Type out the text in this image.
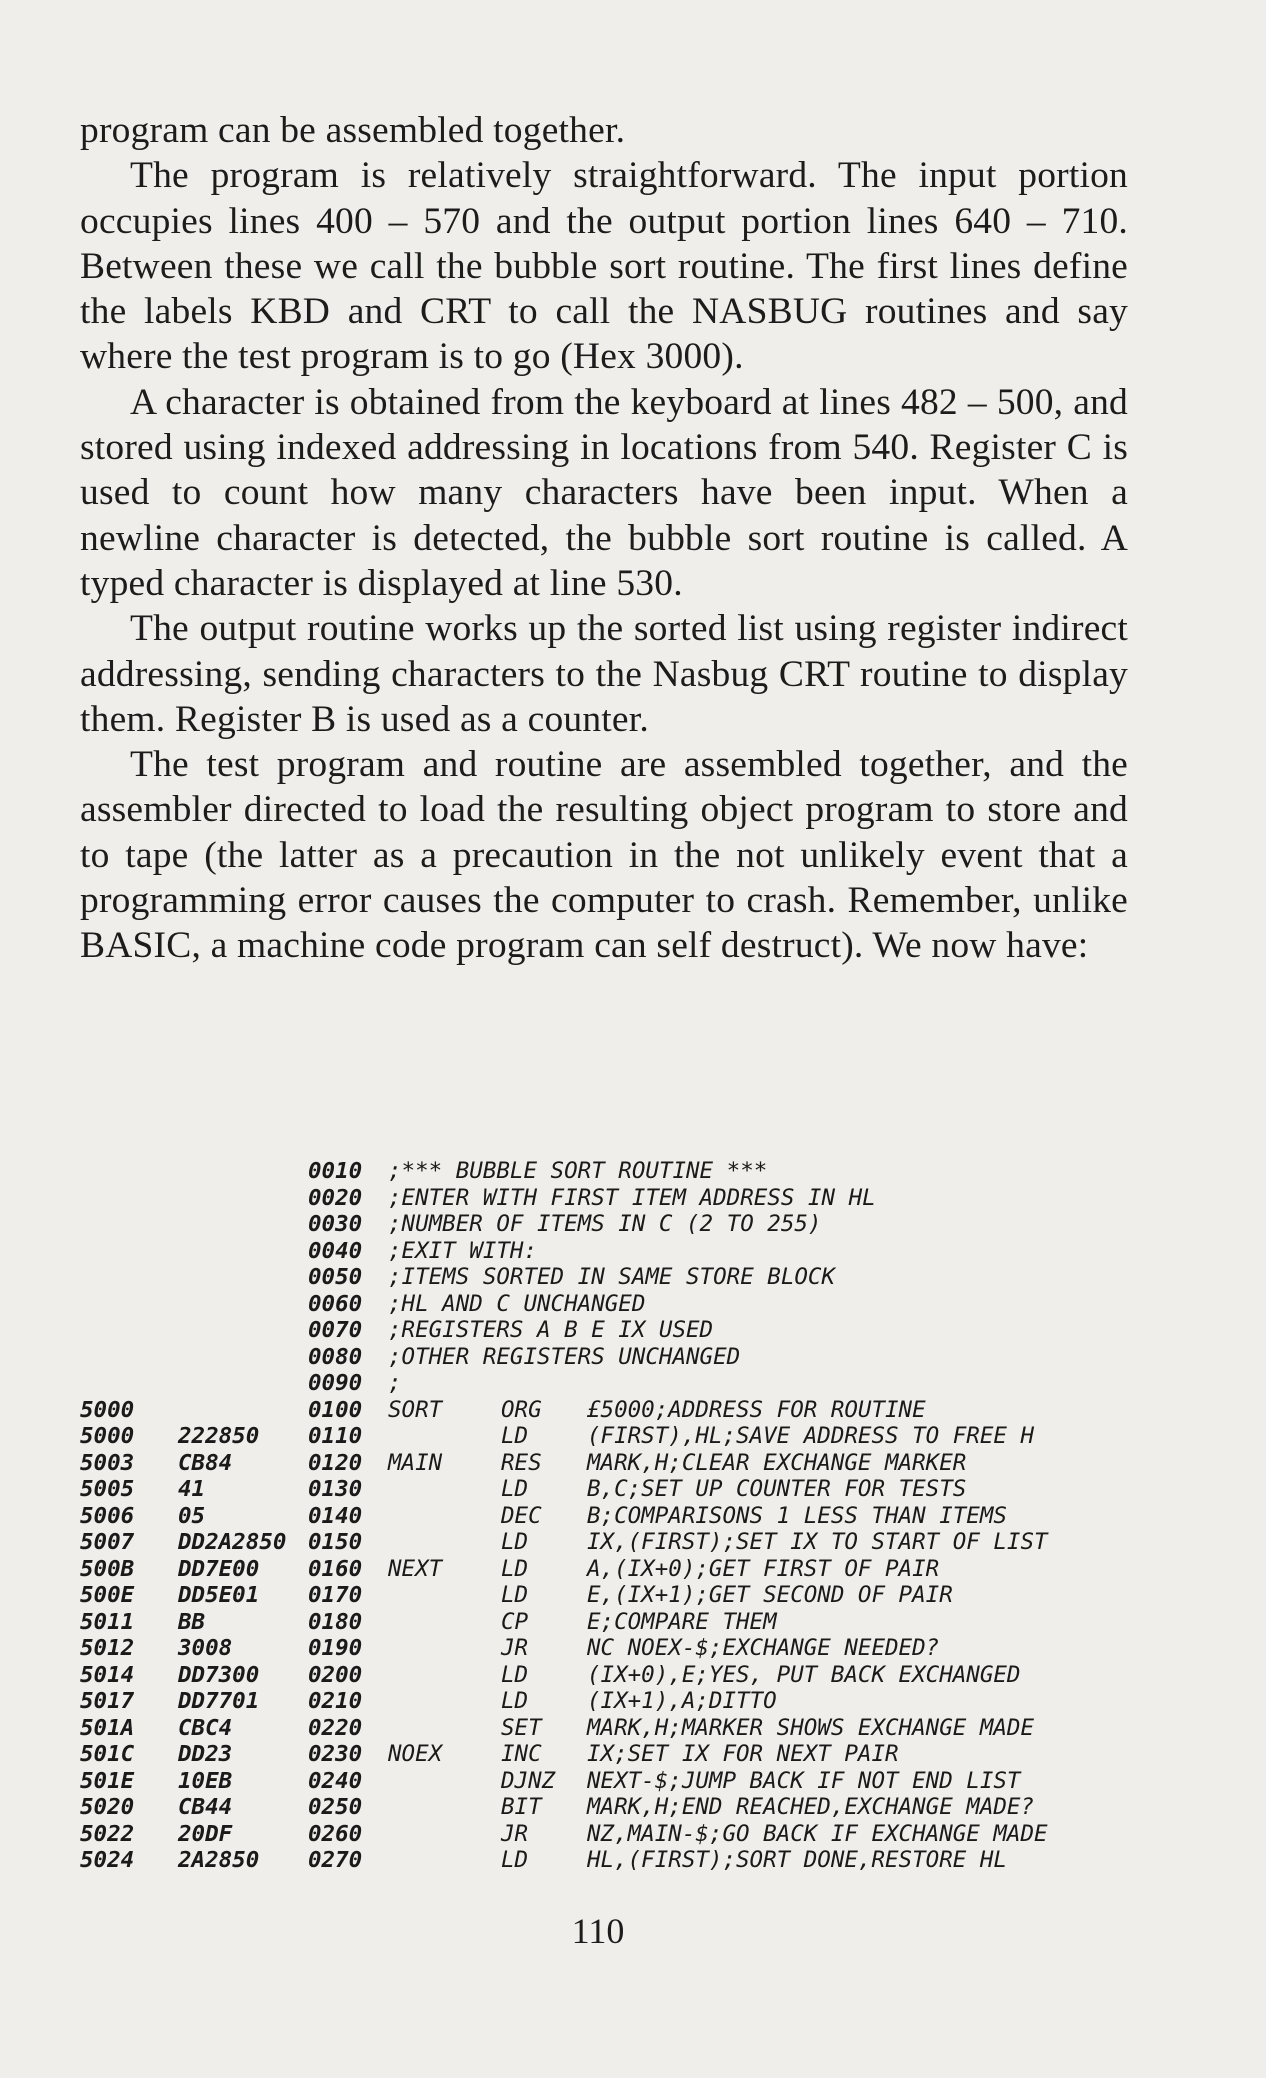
program can be assembled together.

The program is relatively straightforward. The input portion occupies lines 400 – 570 and the output portion lines 640 – 710. Between these we call the bubble sort routine. The first lines define the labels KBD and CRT to call the NASBUG routines and say where the test program is to go (Hex 3000).

A character is obtained from the keyboard at lines 482 – 500, and stored using indexed addressing in locations from 540. Register C is used to count how many characters have been input. When a newline character is detected, the bubble sort routine is called. A typed character is displayed at line 530.

The output routine works up the sorted list using register indirect addressing, sending characters to the Nasbug CRT routine to display them. Register B is used as a counter.

The test program and routine are assembled together, and the assembler directed to load the resulting object program to store and to tape (the latter as a precaution in the not unlikely event that a programming error causes the computer to crash. Remember, unlike BASIC, a machine code program can self destruct). We now have:

0010	;*** BUBBLE SORT ROUTINE ***
0020	;ENTER WITH FIRST ITEM ADDRESS IN HL
0030	;NUMBER OF ITEMS IN C (2 TO 255)
0040	;EXIT WITH:
0050	;ITEMS SORTED IN SAME STORE BLOCK
0060	;HL AND C UNCHANGED
0070	;REGISTERS A B E IX USED
0080	;OTHER REGISTERS UNCHANGED
0090	;
5000	0100	SORT	ORG	£5000;ADDRESS FOR ROUTINE
5000	222850	0110	LD	(FIRST),HL;SAVE ADDRESS TO FREE H
5003	CB84	0120	MAIN	RES	MARK,H;CLEAR EXCHANGE MARKER
5005	41	0130	LD	B,C;SET UP COUNTER FOR TESTS
5006	05	0140	DEC	B;COMPARISONS 1 LESS THAN ITEMS
5007	DD2A2850 0150	LD	IX,(FIRST);SET IX TO START OF LIST
500B	DD7E00	0160	NEXT	LD	A,(IX+0);GET FIRST OF PAIR
500E	DD5E01	0170	LD	E,(IX+1);GET SECOND OF PAIR
5011	BB	0180	CP	E;COMPARE THEM
5012	3008	0190	JR	NC NOEX-$;EXCHANGE NEEDED?
5014	DD7300	0200	LD	(IX+0),E;YES, PUT BACK EXCHANGED
5017	DD7701	0210	LD	(IX+1),A;DITTO
501A	CBC4	0220	SET	MARK,H;MARKER SHOWS EXCHANGE MADE
501C	DD23	0230	NOEX	INC	IX;SET IX FOR NEXT PAIR
501E	10EB	0240	DJNZ	NEXT-$;JUMP BACK IF NOT END LIST
5020	CB44	0250	BIT	MARK,H;END REACHED,EXCHANGE MADE?
5022	20DF	0260	JR	NZ,MAIN-$;GO BACK IF EXCHANGE MADE
5024	2A2850	0270	LD	HL,(FIRST);SORT DONE,RESTORE HL
110
